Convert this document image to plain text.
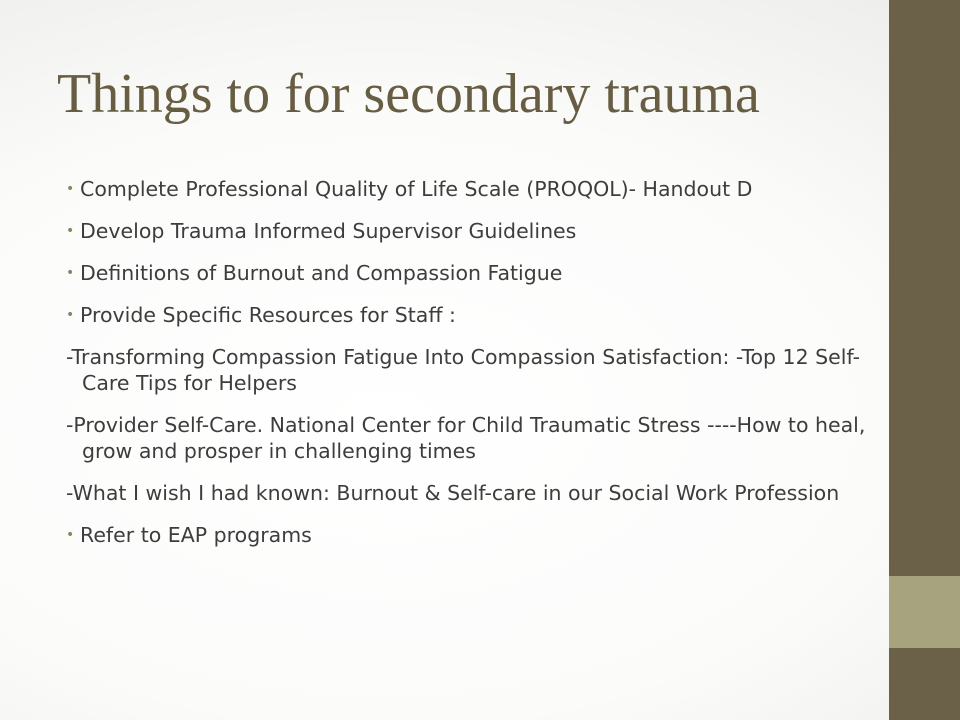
Things to for secondary trauma
• Complete Professional Quality of Life Scale (PROQOL)- Handout D
• Develop Trauma Informed Supervisor Guidelines
• Definitions of Burnout and Compassion Fatigue
• Provide Specific Resources for Staff :
-Transforming Compassion Fatigue Into Compassion Satisfaction: -Top 12 Self-Care Tips for Helpers
-Provider Self-Care. National Center for Child Traumatic Stress ----How to heal, grow and prosper in challenging times
-What I wish I had known: Burnout & Self-care in our Social Work Profession
• Refer to EAP programs
